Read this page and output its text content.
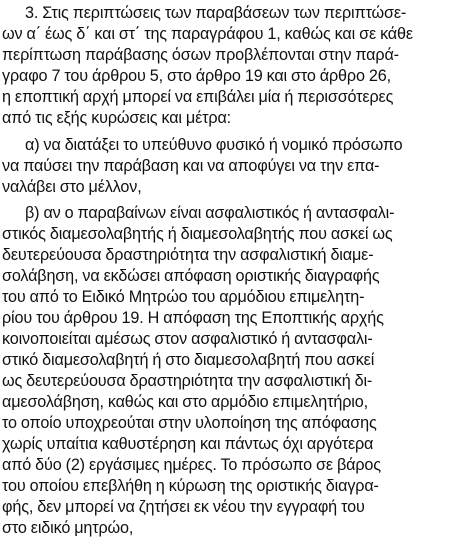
3. Στις περιπτώσεις των παραβάσεων των περιπτώσε-

ων α΄ έως δ΄ και στ΄ της παραγράφου 1, καθώς και σε κάθε

περίπτωση παράβασης όσων προβλέπονται στην παρά-

γραφο 7 του άρθρου 5, στο άρθρο 19 και στο άρθρο 26,

η εποπτική αρχή μπορεί να επιβάλει μία ή περισσότερες

από τις εξής κυρώσεις και μέτρα:

α) να διατάξει το υπεύθυνο φυσικό ή νομικό πρόσωπο

να παύσει την παράβαση και να αποφύγει να την επα-

ναλάβει στο μέλλον,

β) αν ο παραβαίνων είναι ασφαλιστικός ή αντασφαλι-

στικός διαμεσολαβητής ή διαμεσολαβητής που ασκεί ως

δευτερεύουσα δραστηριότητα την ασφαλιστική διαμε-

σολάβηση, να εκδώσει απόφαση οριστικής διαγραφής

του από το Ειδικό Μητρώο του αρμόδιου επιμελητη-

ρίου του άρθρου 19. Η απόφαση της Εποπτικής αρχής

κοινοποιείται αμέσως στον ασφαλιστικό ή αντασφαλι-

στικό διαμεσολαβητή ή στο διαμεσολαβητή που ασκεί

ως δευτερεύουσα δραστηριότητα την ασφαλιστική δι-

αμεσολάβηση, καθώς και στο αρμόδιο επιμελητήριο,

το οποίο υποχρεούται στην υλοποίηση της απόφασης

χωρίς υπαίτια καθυστέρηση και πάντως όχι αργότερα

από δύο (2) εργάσιμες ημέρες. Το πρόσωπο σε βάρος

του οποίου επεβλήθη η κύρωση της οριστικής διαγρα-

φής, δεν μπορεί να ζητήσει εκ νέου την εγγραφή του

στο ειδικό μητρώο,
